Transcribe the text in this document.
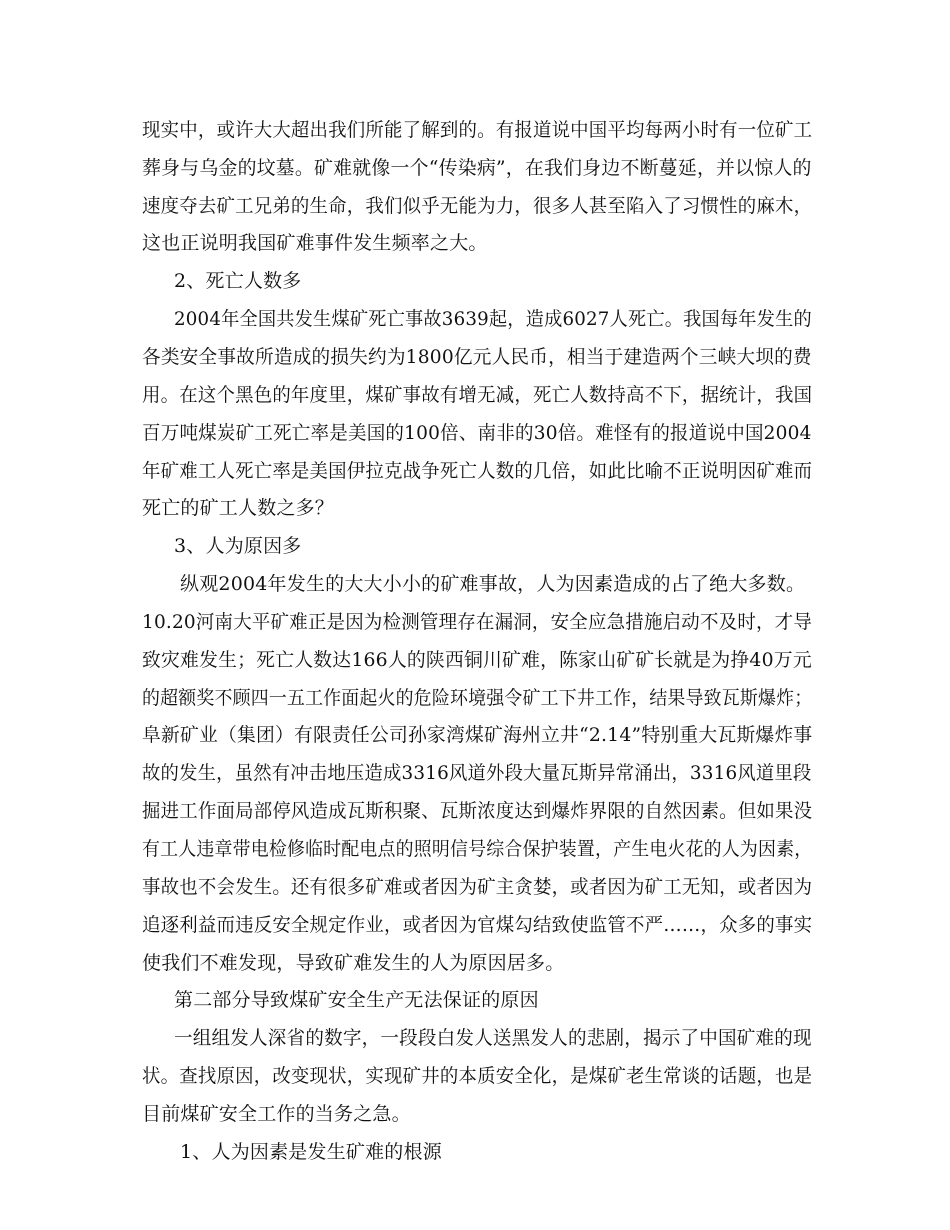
现实中，或许大大超出我们所能了解到的。有报道说中国平均每两小时有一位矿工
葬身与乌金的坟墓。矿难就像一个“传染病”，在我们身边不断蔓延，并以惊人的
速度夺去矿工兄弟的生命，我们似乎无能为力，很多人甚至陷入了习惯性的麻木，
这也正说明我国矿难事件发生频率之大。
2、死亡人数多
2004年全国共发生煤矿死亡事故3639起，造成6027人死亡。我国每年发生的
各类安全事故所造成的损失约为1800亿元人民币，相当于建造两个三峡大坝的费
用。在这个黑色的年度里，煤矿事故有增无减，死亡人数持高不下，据统计，我国
百万吨煤炭矿工死亡率是美国的100倍、南非的30倍。难怪有的报道说中国2004
年矿难工人死亡率是美国伊拉克战争死亡人数的几倍，如此比喻不正说明因矿难而
死亡的矿工人数之多？
3、人为原因多
纵观2004年发生的大大小小的矿难事故，人为因素造成的占了绝大多数。
10.20河南大平矿难正是因为检测管理存在漏洞，安全应急措施启动不及时，才导
致灾难发生；死亡人数达166人的陕西铜川矿难，陈家山矿矿长就是为挣40万元
的超额奖不顾四一五工作面起火的危险环境强令矿工下井工作，结果导致瓦斯爆炸；
阜新矿业（集团）有限责任公司孙家湾煤矿海州立井“2.14”特别重大瓦斯爆炸事
故的发生，虽然有冲击地压造成3316风道外段大量瓦斯异常涌出，3316风道里段
掘进工作面局部停风造成瓦斯积聚、瓦斯浓度达到爆炸界限的自然因素。但如果没
有工人违章带电检修临时配电点的照明信号综合保护装置，产生电火花的人为因素，
事故也不会发生。还有很多矿难或者因为矿主贪婪，或者因为矿工无知，或者因为
追逐利益而违反安全规定作业，或者因为官煤勾结致使监管不严……，众多的事实
使我们不难发现，导致矿难发生的人为原因居多。
第二部分导致煤矿安全生产无法保证的原因
一组组发人深省的数字，一段段白发人送黑发人的悲剧，揭示了中国矿难的现
状。查找原因，改变现状，实现矿井的本质安全化，是煤矿老生常谈的话题，也是
目前煤矿安全工作的当务之急。
1、人为因素是发生矿难的根源
